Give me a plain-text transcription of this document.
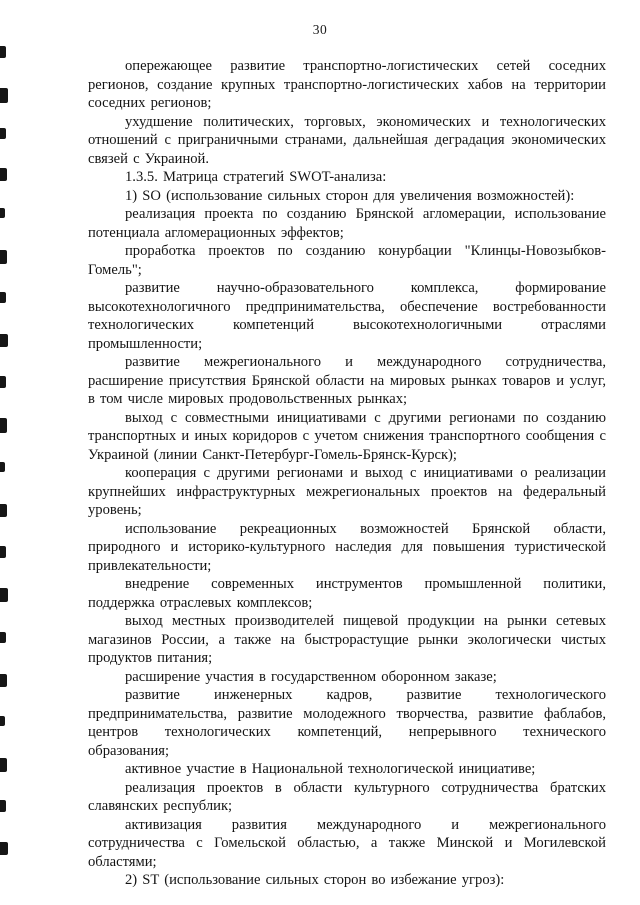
30

опережающее развитие транспортно-логистических сетей соседних регионов, создание крупных транспортно-логистических хабов на территории соседних регионов;

ухудшение политических, торговых, экономических и технологических отношений с приграничными странами, дальнейшая деградация экономических связей с Украиной.

1.3.5. Матрица стратегий SWOT-анализа:

1) SO (использование сильных сторон для увеличения возможностей):

реализация проекта по созданию Брянской агломерации, использование потенциала агломерационных эффектов;

проработка проектов по созданию конурбации "Клинцы-Новозыбков-Гомель";

развитие научно-образовательного комплекса, формирование высокотехнологичного предпринимательства, обеспечение востребованности технологических компетенций высокотехнологичными отраслями промышленности;

развитие межрегионального и международного сотрудничества, расширение присутствия Брянской области на мировых рынках товаров и услуг, в том числе мировых продовольственных рынках;

выход с совместными инициативами с другими регионами по созданию транспортных и иных коридоров с учетом снижения транспортного сообщения с Украиной (линии Санкт-Петербург-Гомель-Брянск-Курск);

кооперация с другими регионами и выход с инициативами о реализации крупнейших инфраструктурных межрегиональных проектов на федеральный уровень;

использование рекреационных возможностей Брянской области, природного и историко-культурного наследия для повышения туристической привлекательности;

внедрение современных инструментов промышленной политики, поддержка отраслевых комплексов;

выход местных производителей пищевой продукции на рынки сетевых магазинов России, а также на быстрорастущие рынки экологически чистых продуктов питания;

расширение участия в государственном оборонном заказе;

развитие инженерных кадров, развитие технологического предпринимательства, развитие молодежного творчества, развитие фаблабов, центров технологических компетенций, непрерывного технического образования;

активное участие в Национальной технологической инициативе;

реализация проектов в области культурного сотрудничества братских славянских республик;

активизация развития международного и межрегионального сотрудничества с Гомельской областью, а также Минской и Могилевской областями;

2) ST (использование сильных сторон во избежание угроз):
